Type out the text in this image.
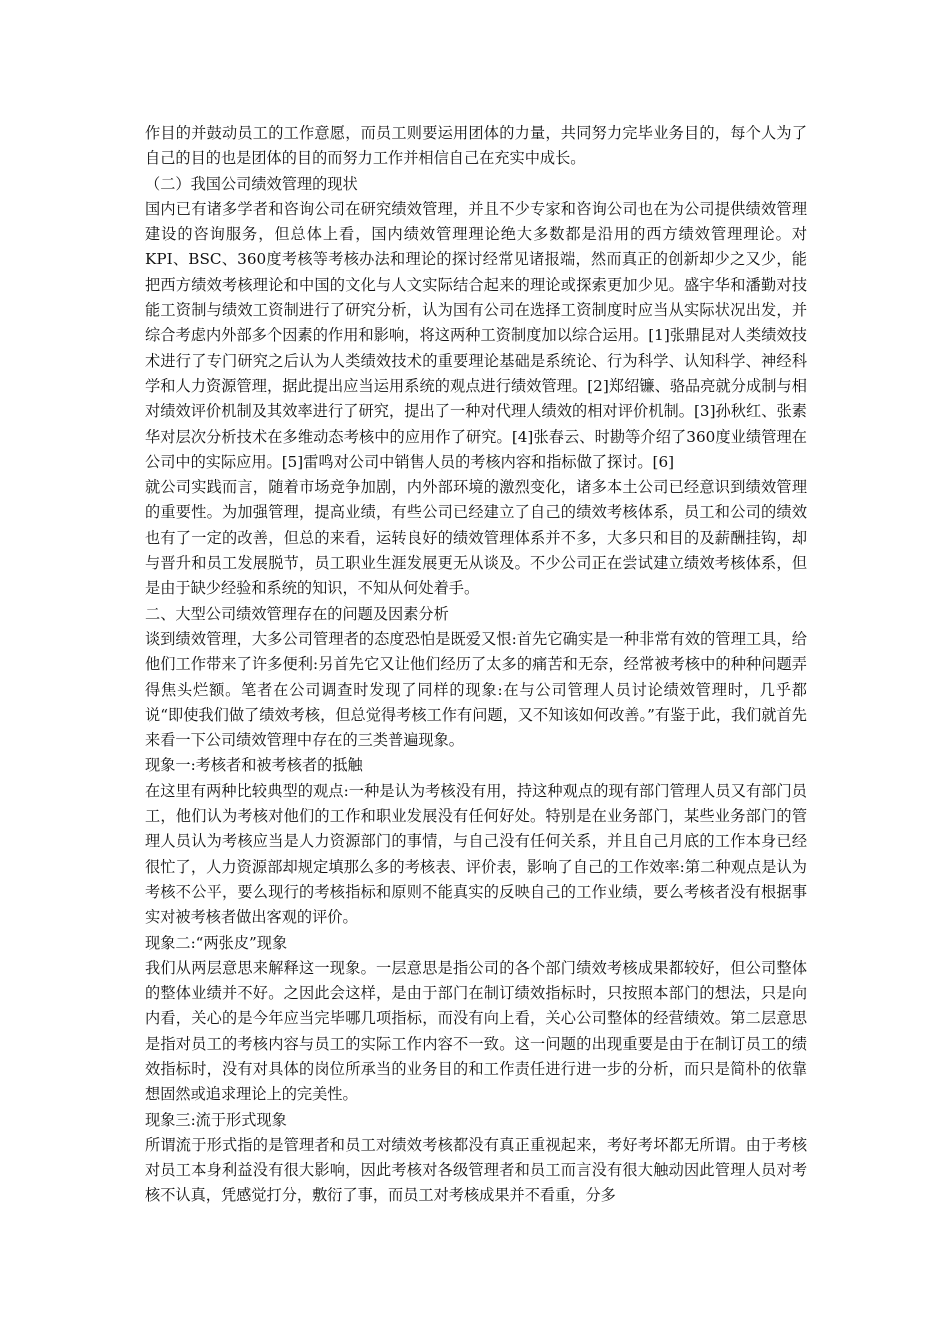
作目的并鼓动员工的工作意愿，而员工则要运用团体的力量，共同努力完毕业务目的，每个人为了自己的目的也是团体的目的而努力工作并相信自己在充实中成长。

（二）我国公司绩效管理的现状

国内已有诸多学者和咨询公司在研究绩效管理，并且不少专家和咨询公司也在为公司提供绩效管理建设的咨询服务，但总体上看，国内绩效管理理论绝大多数都是沿用的西方绩效管理理论。对KPI、BSC、360度考核等考核办法和理论的探讨经常见诸报端，然而真正的创新却少之又少，能把西方绩效考核理论和中国的文化与人文实际结合起来的理论或探索更加少见。盛宇华和潘勤对技能工资制与绩效工资制进行了研究分析，认为国有公司在选择工资制度时应当从实际状况出发，并综合考虑内外部多个因素的作用和影响，将这两种工资制度加以综合运用。[1]张鼎昆对人类绩效技术进行了专门研究之后认为人类绩效技术的重要理论基础是系统论、行为科学、认知科学、神经科学和人力资源管理，据此提出应当运用系统的观点进行绩效管理。[2]郑绍镰、骆品亮就分成制与相对绩效评价机制及其效率进行了研究，提出了一种对代理人绩效的相对评价机制。[3]孙秋红、张素华对层次分析技术在多维动态考核中的应用作了研究。[4]张春云、时勘等介绍了360度业绩管理在公司中的实际应用。[5]雷鸣对公司中销售人员的考核内容和指标做了探讨。[6]

就公司实践而言，随着市场竞争加剧，内外部环境的激烈变化，诸多本土公司已经意识到绩效管理的重要性。为加强管理，提高业绩，有些公司已经建立了自己的绩效考核体系，员工和公司的绩效也有了一定的改善，但总的来看，运转良好的绩效管理体系并不多，大多只和目的及薪酬挂钩，却与晋升和员工发展脱节，员工职业生涯发展更无从谈及。不少公司正在尝试建立绩效考核体系，但是由于缺少经验和系统的知识，不知从何处着手。

二、大型公司绩效管理存在的问题及因素分析

谈到绩效管理，大多公司管理者的态度恐怕是既爱又恨:首先它确实是一种非常有效的管理工具，给他们工作带来了许多便利:另首先它又让他们经历了太多的痛苦和无奈，经常被考核中的种种问题弄得焦头烂额。笔者在公司调查时发现了同样的现象:在与公司管理人员讨论绩效管理时，几乎都说“即使我们做了绩效考核，但总觉得考核工作有问题，又不知该如何改善。”有鉴于此，我们就首先来看一下公司绩效管理中存在的三类普遍现象。

现象一:考核者和被考核者的抵触

在这里有两种比较典型的观点:一种是认为考核没有用，持这种观点的现有部门管理人员又有部门员工，他们认为考核对他们的工作和职业发展没有任何好处。特别是在业务部门，某些业务部门的管理人员认为考核应当是人力资源部门的事情，与自己没有任何关系，并且自己月底的工作本身已经很忙了，人力资源部却规定填那么多的考核表、评价表，影响了自己的工作效率:第二种观点是认为考核不公平，要么现行的考核指标和原则不能真实的反映自己的工作业绩，要么考核者没有根据事实对被考核者做出客观的评价。

现象二:“两张皮”现象

我们从两层意思来解释这一现象。一层意思是指公司的各个部门绩效考核成果都较好，但公司整体的整体业绩并不好。之因此会这样，是由于部门在制订绩效指标时，只按照本部门的想法，只是向内看，关心的是今年应当完毕哪几项指标，而没有向上看，关心公司整体的经营绩效。第二层意思是指对员工的考核内容与员工的实际工作内容不一致。这一问题的出现重要是由于在制订员工的绩效指标时，没有对具体的岗位所承当的业务目的和工作责任进行进一步的分析，而只是简朴的依靠想固然或追求理论上的完美性。

现象三:流于形式现象

所谓流于形式指的是管理者和员工对绩效考核都没有真正重视起来，考好考坏都无所谓。由于考核对员工本身利益没有很大影响，因此考核对各级管理者和员工而言没有很大触动因此管理人员对考核不认真，凭感觉打分，敷衍了事，而员工对考核成果并不看重，分多
